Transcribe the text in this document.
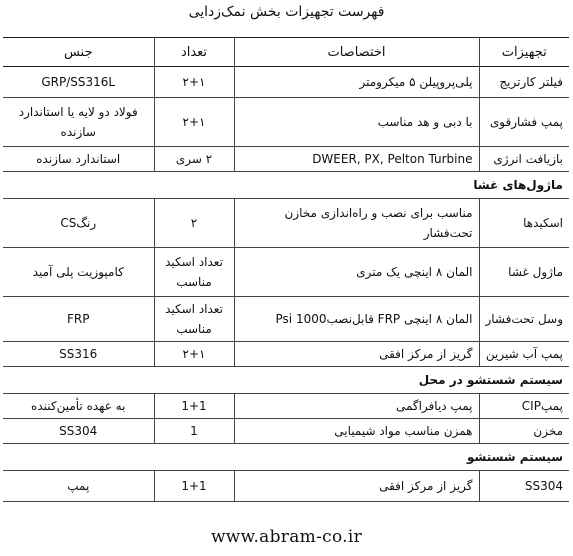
فهرست تجهیزات بخش نمک‌زدایی
تجهیزات	اختصاصات	تعداد	جنس
فیلتر کارتریج	پلی‌پروپیلن ۵ میکرومتر	۲+۱	GRP/SS316L
پمپ فشارقوی	با دبی و هد مناسب	۲+۱	فولاد دو لایه یا استاندارد سازنده
بازیافت انرژی	DWEER, PX, Pelton Turbine	۲ سری	استاندارد سازنده
ماژول‌های غشا			
اسکیدها	مناسب برای نصب و راه‌اندازی مخازن تحت‌فشار	۲	رنگCS
ماژول غشا	المان ۸ اینچی یک متری	تعداد اسکید مناسب	کامپوزیت پلی آمید
وسل تحت‌فشار	المان ۸ اینچی FRP قابل‌نصب1000 Psi	تعداد اسکید مناسب	FRP
پمپ آب شیرین	گریز از مرکز افقی	۲+۱	SS316
سیستم شستشو در محل			
پمپCIP	پمپ دیافراگمی	1+1	به عهده تأمین‌کننده
مخزن	همزن مناسب مواد شیمیایی	1	SS304
سیستم شستشو			
SS304	گریز از مرکز افقی	1+1	پمپ
www.abram-co.ir
